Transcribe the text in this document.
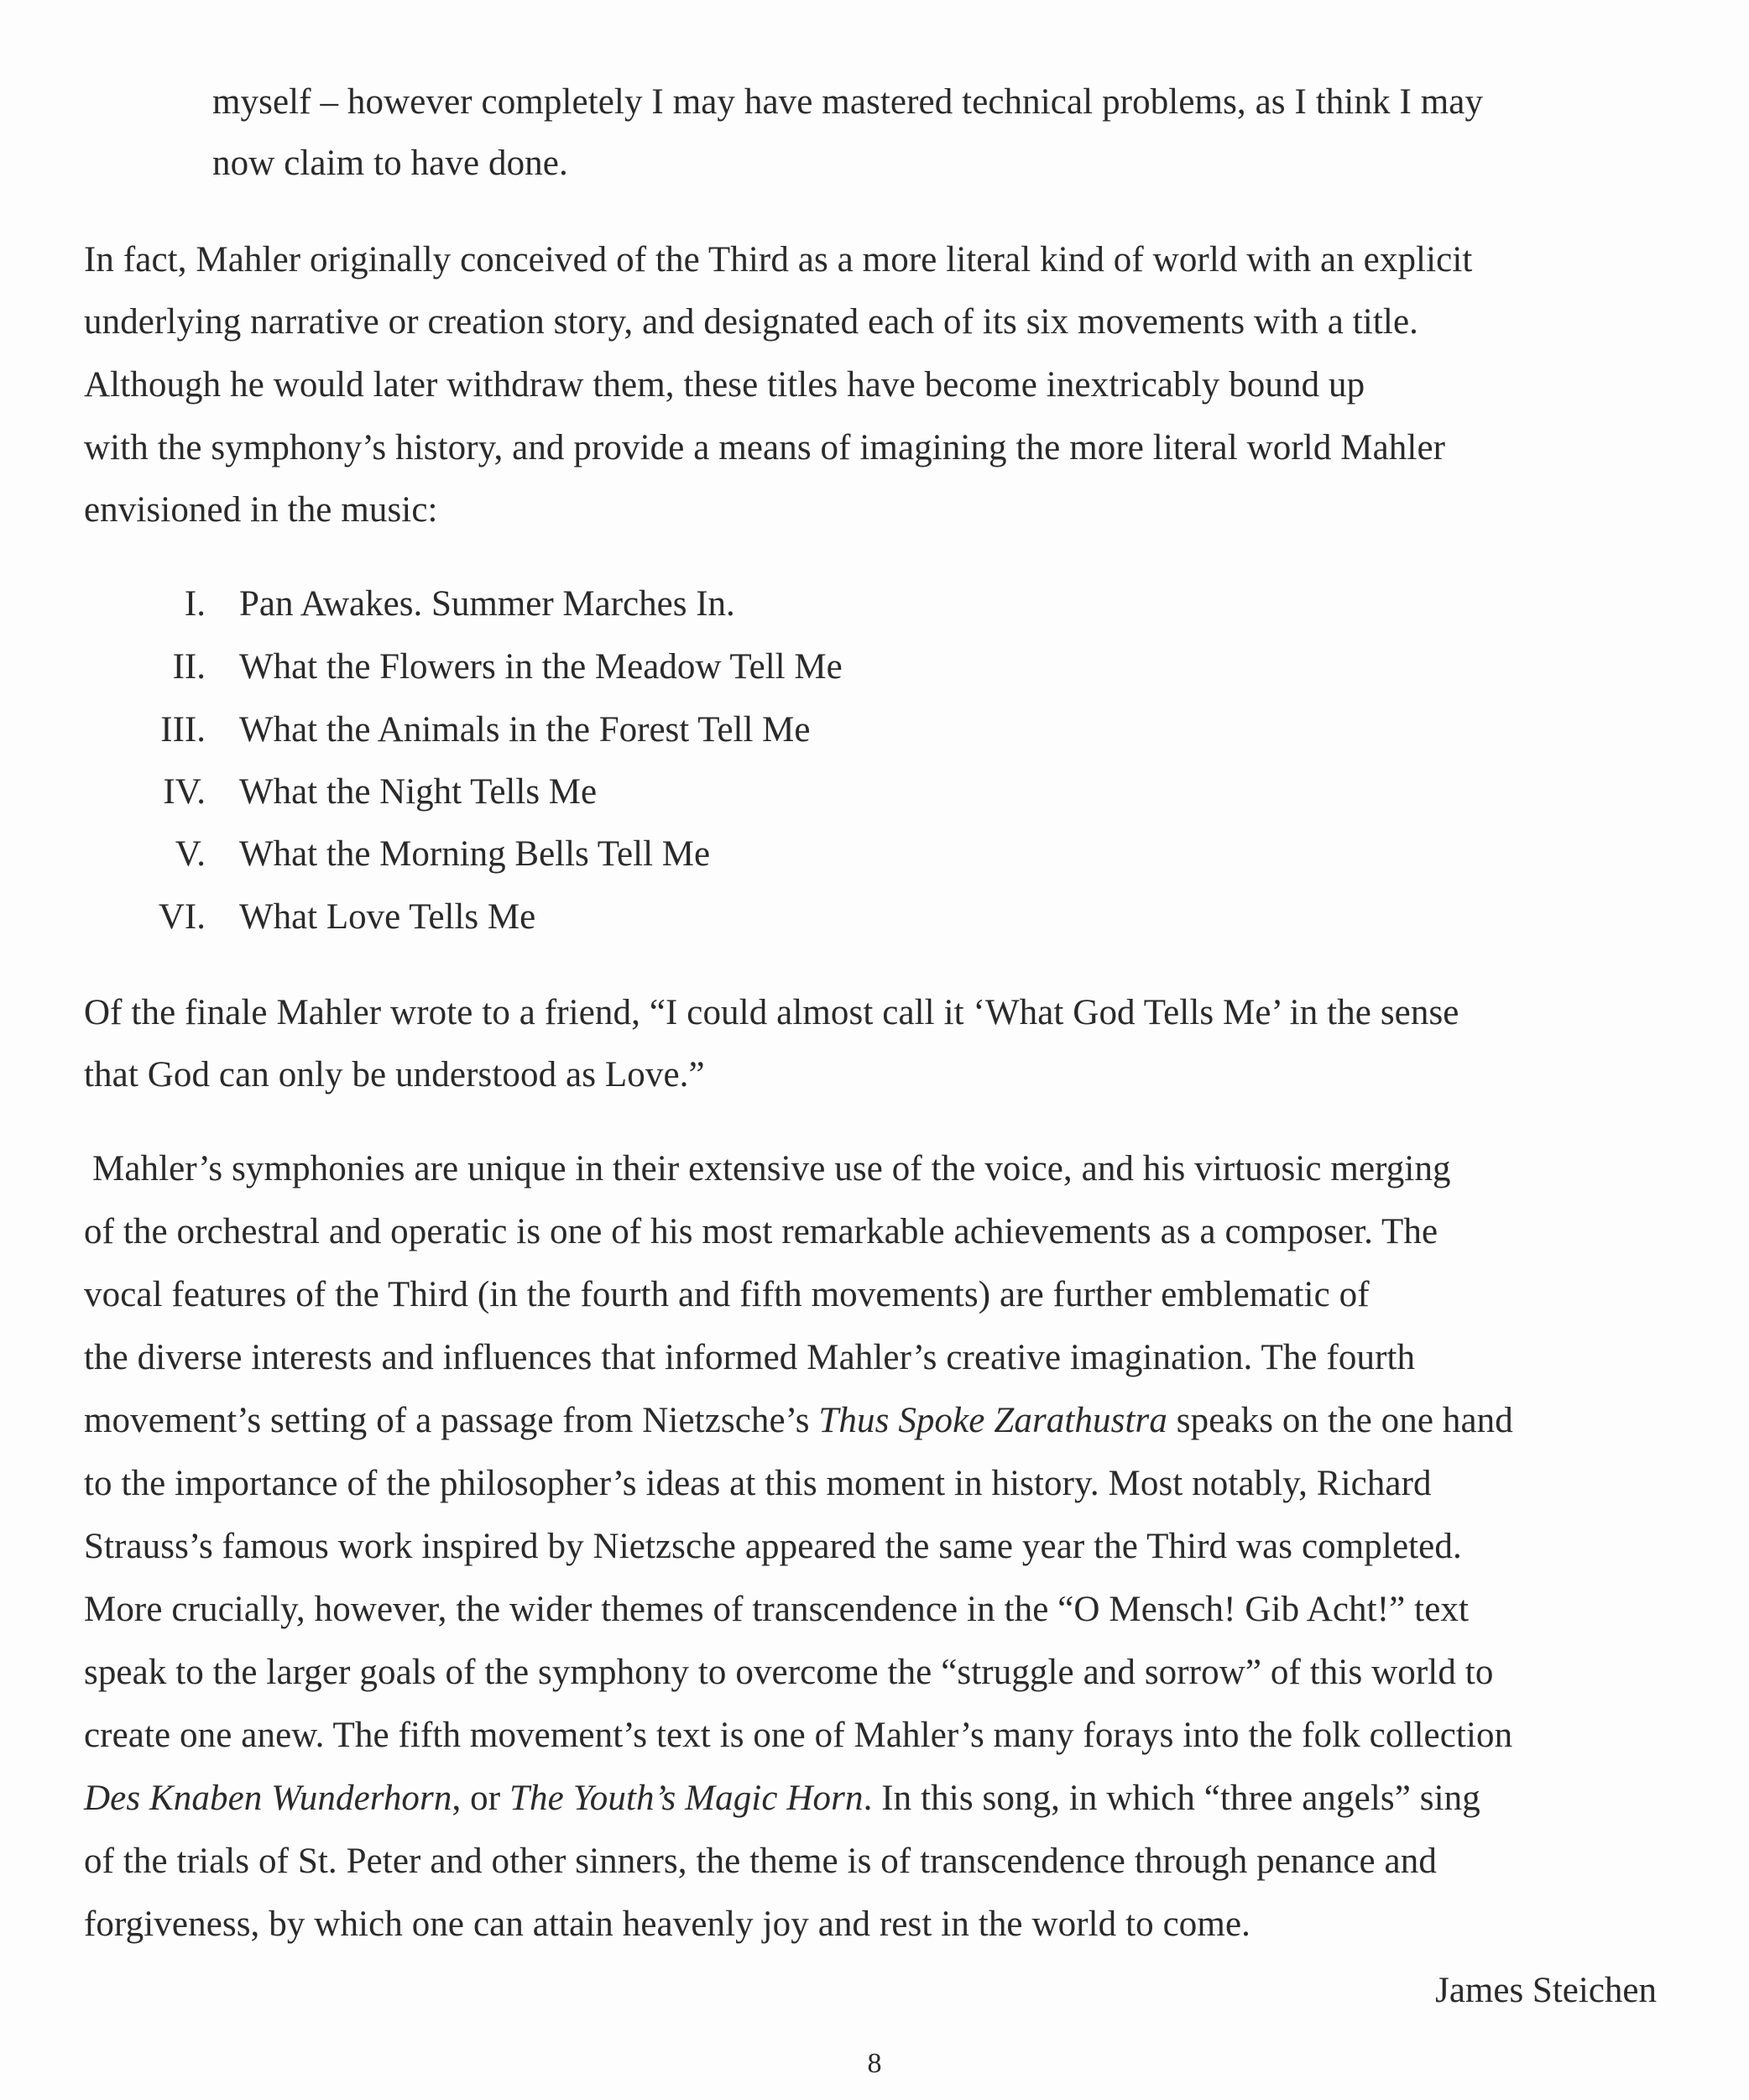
myself – however completely I may have mastered technical problems, as I think I may
now claim to have done.
In fact, Mahler originally conceived of the Third as a more literal kind of world with an explicit
underlying narrative or creation story, and designated each of its six movements with a title.
Although he would later withdraw them, these titles have become inextricably bound up
with the symphony’s history, and provide a means of imagining the more literal world Mahler
envisioned in the music:
I. Pan Awakes. Summer Marches In.
II. What the Flowers in the Meadow Tell Me
III. What the Animals in the Forest Tell Me
IV. What the Night Tells Me
V. What the Morning Bells Tell Me
VI. What Love Tells Me
Of the finale Mahler wrote to a friend, “I could almost call it ‘What God Tells Me’ in the sense
that God can only be understood as Love.”
Mahler’s symphonies are unique in their extensive use of the voice, and his virtuosic merging
of the orchestral and operatic is one of his most remarkable achievements as a composer. The
vocal features of the Third (in the fourth and fifth movements) are further emblematic of
the diverse interests and influences that informed Mahler’s creative imagination. The fourth
movement’s setting of a passage from Nietzsche’s Thus Spoke Zarathustra speaks on the one hand
to the importance of the philosopher’s ideas at this moment in history. Most notably, Richard
Strauss’s famous work inspired by Nietzsche appeared the same year the Third was completed.
More crucially, however, the wider themes of transcendence in the “O Mensch! Gib Acht!” text
speak to the larger goals of the symphony to overcome the “struggle and sorrow” of this world to
create one anew. The fifth movement’s text is one of Mahler’s many forays into the folk collection
Des Knaben Wunderhorn, or The Youth’s Magic Horn. In this song, in which “three angels” sing
of the trials of St. Peter and other sinners, the theme is of transcendence through penance and
forgiveness, by which one can attain heavenly joy and rest in the world to come.
James Steichen
8
